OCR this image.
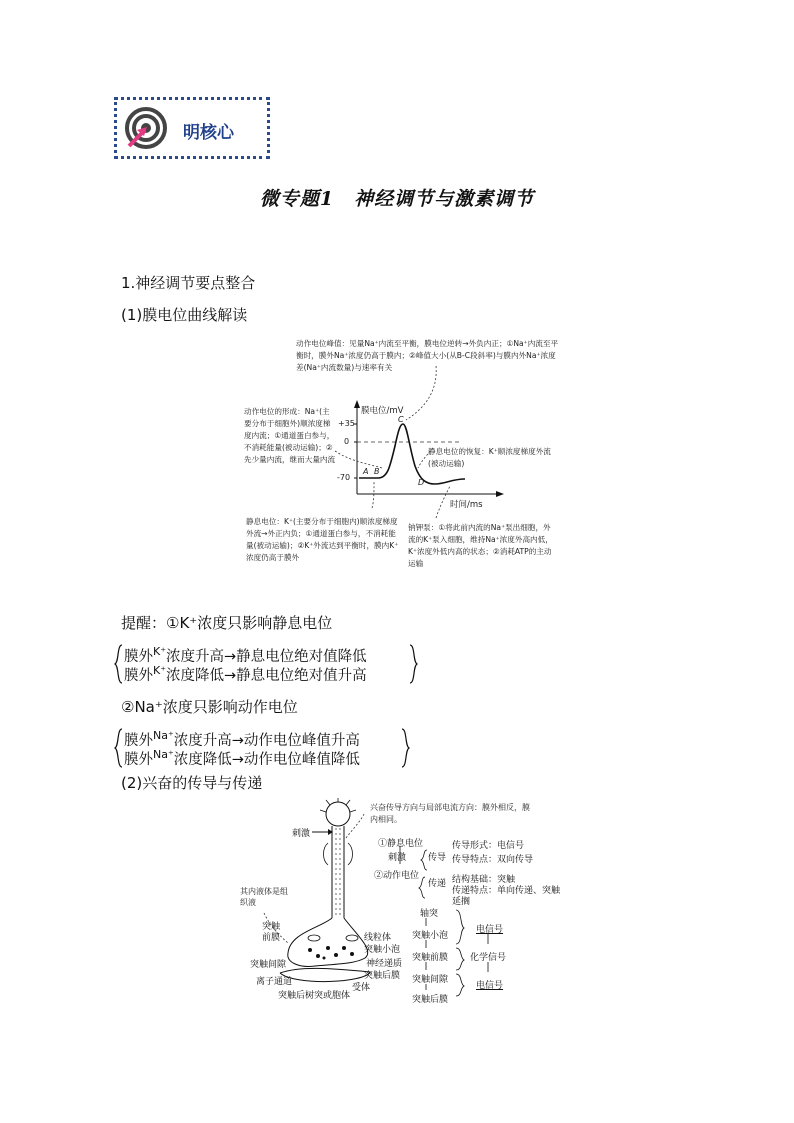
明核心
微专题1　神经调节与激素调节
1.神经调节要点整合
(1)膜电位曲线解读
膜电位/mV
时间/ms
+35
0
-70
A B
C
D
动作电位峰值：见量Na⁺内流至平衡，膜电位逆转→外负内正；①Na⁺内流至平衡时，膜外Na⁺浓度仍高于膜内；②峰值大小(从B-C段斜率)与膜内外Na⁺浓度差(Na⁺内流数量)与速率有关
动作电位的形成：Na⁺(主要分布于细胞外)顺浓度梯度内流；①通道蛋白参与，不消耗能量(被动运输)；②先少量内流，继而大量内流
静息电位的恢复：K⁺顺浓度梯度外流(被动运输)
静息电位：K⁺(主要分布于细胞内)顺浓度梯度外流→外正内负；①通道蛋白参与，不消耗能量(被动运输)；②K⁺外流达到平衡时，膜内K⁺浓度仍高于膜外
钠钾泵：①将此前内流的Na⁺泵出细胞，外流的K⁺泵入细胞，维持Na⁺浓度外高内低，K⁺浓度外低内高的状态；②消耗ATP的主动运输
提醒：①K⁺浓度只影响静息电位
膜外$^{K^+}$浓度升高→静息电位绝对值降低
膜外$^{K^+}$浓度降低→静息电位绝对值升高
②Na⁺浓度只影响动作电位
膜外$^{Na^+}$浓度升高→动作电位峰值升高
膜外$^{Na^+}$浓度降低→动作电位峰值降低
(2)兴奋的传导与传递
刺激
兴奋传导方向与局部电流方向：膜外相反，膜内相同。
①静息电位
刺激
②动作电位
传导
传导形式：电信号
传导特点：双向传导
传递 结构基础：突触
传递特点：单向传递、突触延搁
其内液体是组织液
突触前膜
突触间隙
离子通道
突触后树突或胞体
线粒体
突触小泡
神经递质
突触后膜
受体
轴突
突触小泡
突触前膜
突触间隙
突触后膜
电信号
化学信号
电信号
